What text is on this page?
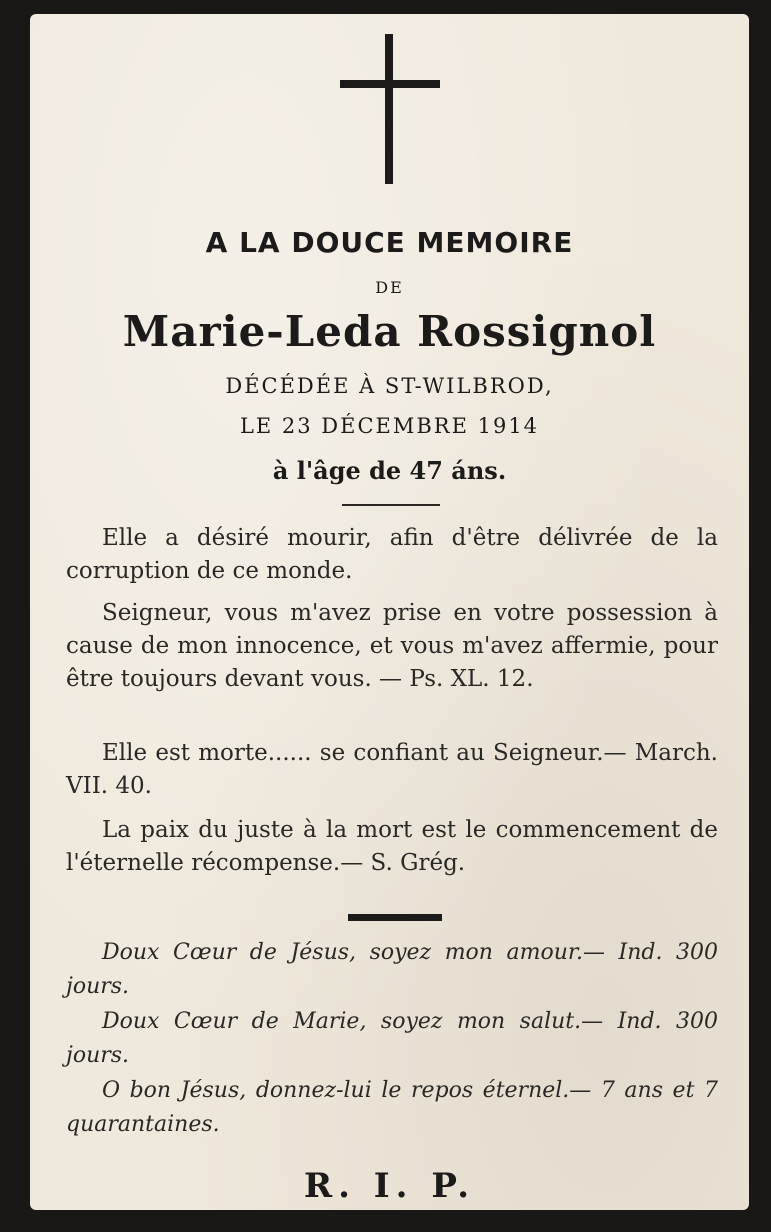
A LA DOUCE MEMOIRE
DE
Marie-Leda Rossignol
DÉCÉDÉE À ST-WILBROD,
LE 23 DÉCEMBRE 1914
à l'âge de 47 áns.

Elle a désiré mourir, afin d'être délivrée de la corruption de ce monde.

Seigneur, vous m'avez prise en votre possession à cause de mon innocence, et vous m'avez affermie, pour être toujours devant vous. — Ps. XL. 12.

Elle est morte...... se confiant au Seigneur.— March. VII. 40.

La paix du juste à la mort est le commencement de l'éternelle récompense.— S. Grég.

Doux Cœur de Jésus, soyez mon amour.— Ind. 300 jours.

Doux Cœur de Marie, soyez mon salut.— Ind. 300 jours.

O bon Jésus, donnez-lui le repos éternel.— 7 ans et 7 quarantaines.

R. I. P.
